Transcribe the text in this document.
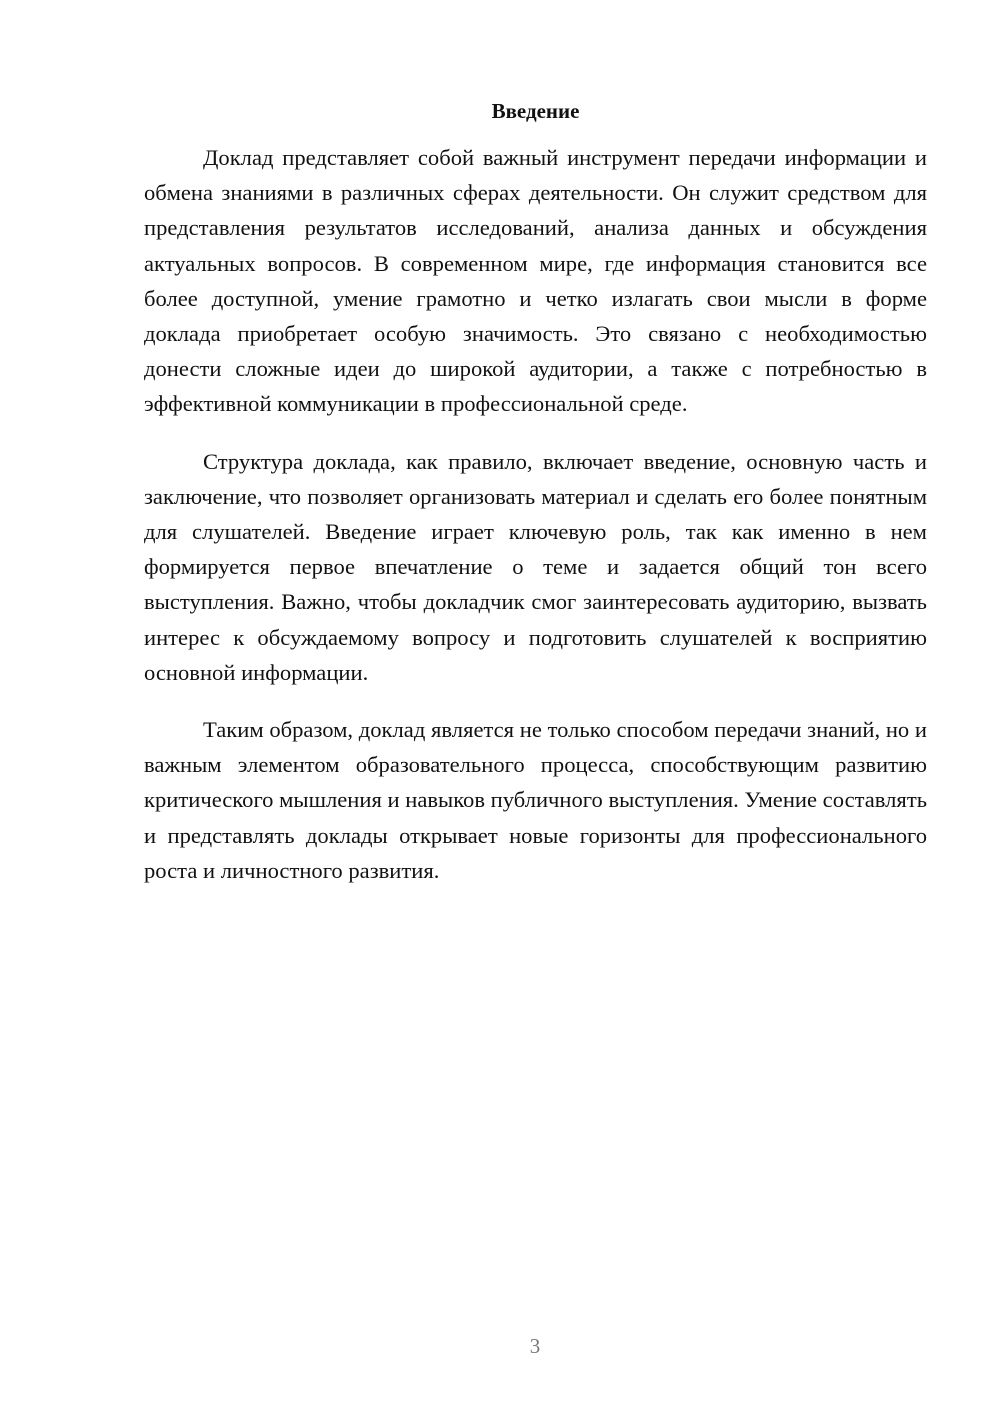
Введение

Доклад представляет собой важный инструмент передачи информации и обмена знаниями в различных сферах деятельности. Он служит средством для представления результатов исследований, анализа данных и обсуждения актуальных вопросов. В современном мире, где информация становится все более доступной, умение грамотно и четко излагать свои мысли в форме доклада приобретает особую значимость. Это связано с необходимостью донести сложные идеи до широкой аудитории, а также с потребностью в эффективной коммуникации в профессиональной среде.

Структура доклада, как правило, включает введение, основную часть и заключение, что позволяет организовать материал и сделать его более понятным для слушателей. Введение играет ключевую роль, так как именно в нем формируется первое впечатление о теме и задается общий тон всего выступления. Важно, чтобы докладчик смог заинтересовать аудиторию, вызвать интерес к обсуждаемому вопросу и подготовить слушателей к восприятию основной информации.

Таким образом, доклад является не только способом передачи знаний, но и важным элементом образовательного процесса, способствующим развитию критического мышления и навыков публичного выступления. Умение составлять и представлять доклады открывает новые горизонты для профессионального роста и личностного развития.

3
